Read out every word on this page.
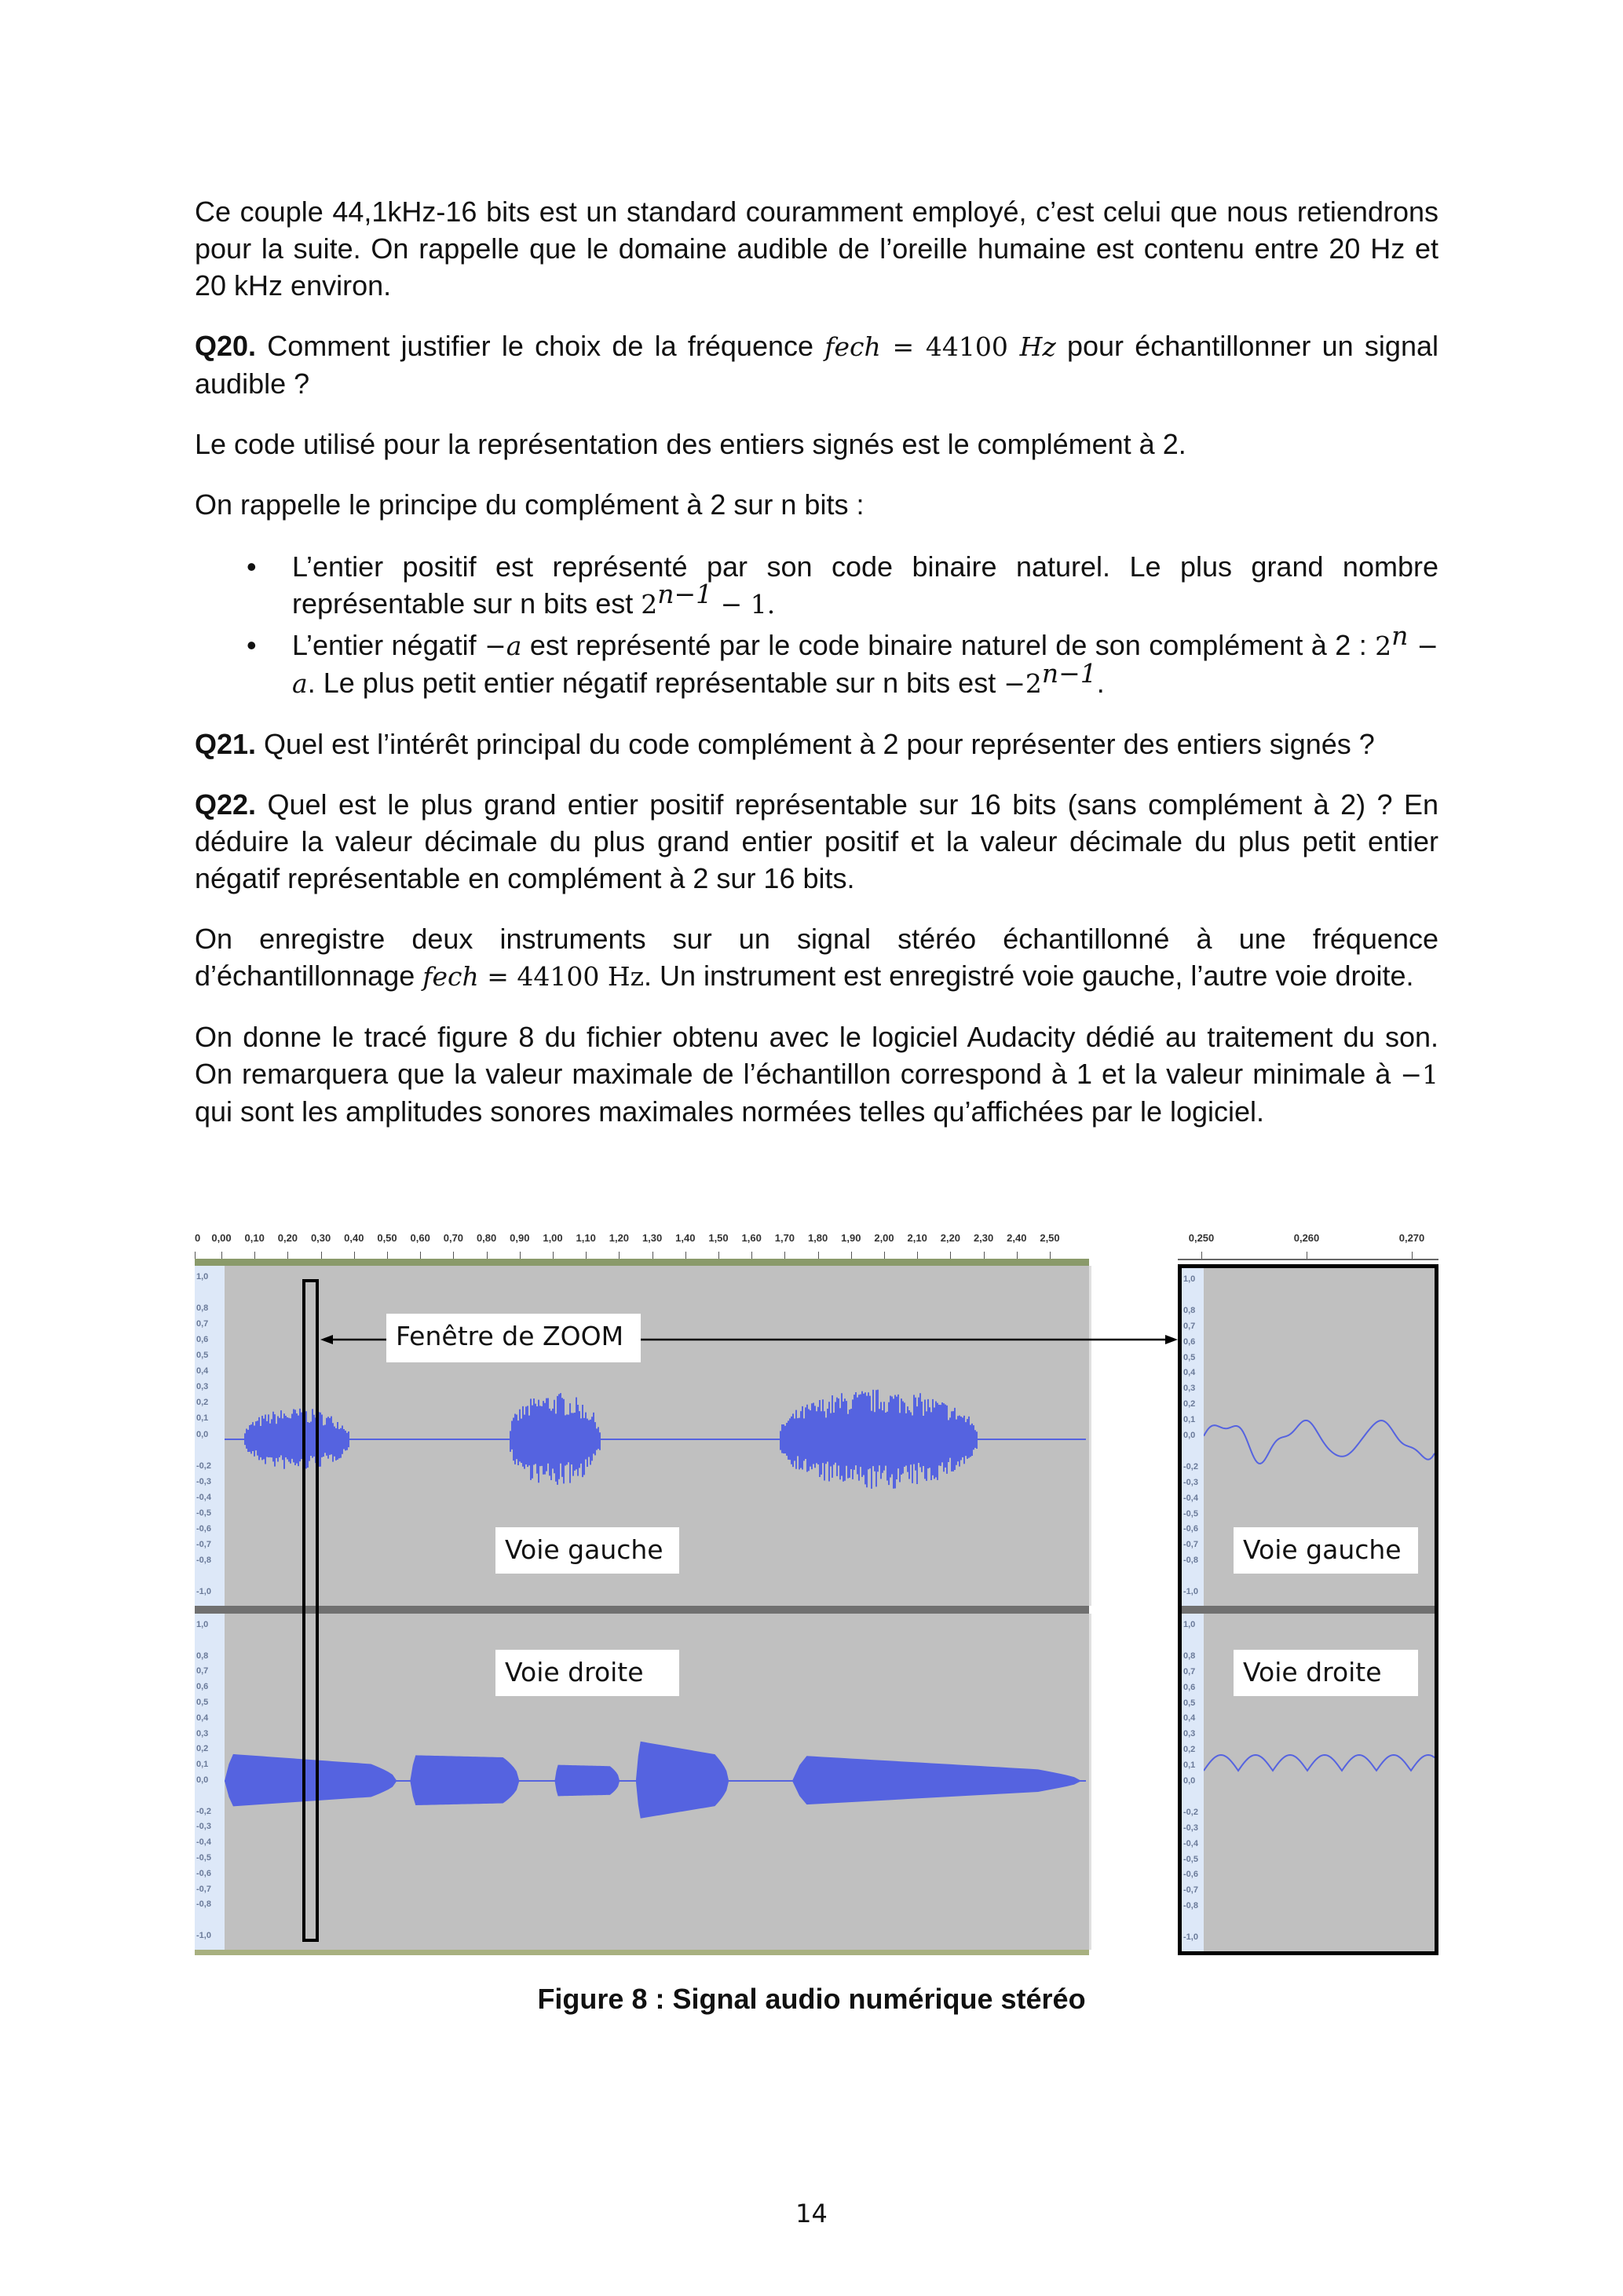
Ce couple 44,1kHz-16 bits est un standard couramment employé, c’est celui que nous retiendrons pour la suite. On rappelle que le domaine audible de l’oreille humaine est contenu entre 20 Hz et 20 kHz environ.
Q20. Comment justifier le choix de la fréquence fech = 44100 Hz pour échantillonner un signal audible ?
Le code utilisé pour la représentation des entiers signés est le complément à 2.
On rappelle le principe du complément à 2 sur n bits :
• L’entier positif est représenté par son code binaire naturel. Le plus grand nombre représentable sur n bits est $2^{n-1} - 1$.
• L’entier négatif −a est représenté par le code binaire naturel de son complément à 2 : $2^n - a$. Le plus petit entier négatif représentable sur n bits est $-2^{n-1}$.
Q21. Quel est l’intérêt principal du code complément à 2 pour représenter des entiers signés ?
Q22. Quel est le plus grand entier positif représentable sur 16 bits (sans complément à 2) ? En déduire la valeur décimale du plus grand entier positif et la valeur décimale du plus petit entier négatif représentable en complément à 2 sur 16 bits.
On enregistre deux instruments sur un signal stéréo échantillonné à une fréquence d’échantillonnage fech = 44100 Hz. Un instrument est enregistré voie gauche, l’autre voie droite.
On donne le tracé figure 8 du fichier obtenu avec le logiciel Audacity dédié au traitement du son. On remarquera que la valeur maximale de l’échantillon correspond à 1 et la valeur minimale à −1 qui sont les amplitudes sonores maximales normées telles qu’affichées par le logiciel.
0 0,00 0,10 0,20 0,30 0,40 0,50 0,60 0,70 0,80 0,90 1,00 1,10 1,20 1,30 1,40 1,50 1,60 1,70 1,80 1,90 2,00 2,10 2,20 2,30 2,40 2,50
1,0
0,8
0,7
0,6
0,5
0,4
0,3
0,2
0,1
0,0
-0,2
-0,3
-0,4
-0,5
-0,6
-0,7
-0,8
-1,0
1,0
0,8
0,7
0,6
0,5
0,4
0,3
0,2
0,1
0,0
-0,2
-0,3
-0,4
-0,5
-0,6
-0,7
-0,8
-1,0
0,250	0,260	0,270
1,0
0,8
0,7
0,6
0,5
0,4
0,3
0,2
0,1
0,0
-0,2
-0,3
-0,4
-0,5
-0,6
-0,7
-0,8
-1,0
1,0
0,8
0,7
0,6
0,5
0,4
0,3
0,2
0,1
0,0
-0,2
-0,3
-0,4
-0,5
-0,6
-0,7
-0,8
-1,0
Fenêtre de ZOOM
Voie gauche
Voie droite
Voie gauche
Voie droite
Figure 8 : Signal audio numérique stéréo
14
